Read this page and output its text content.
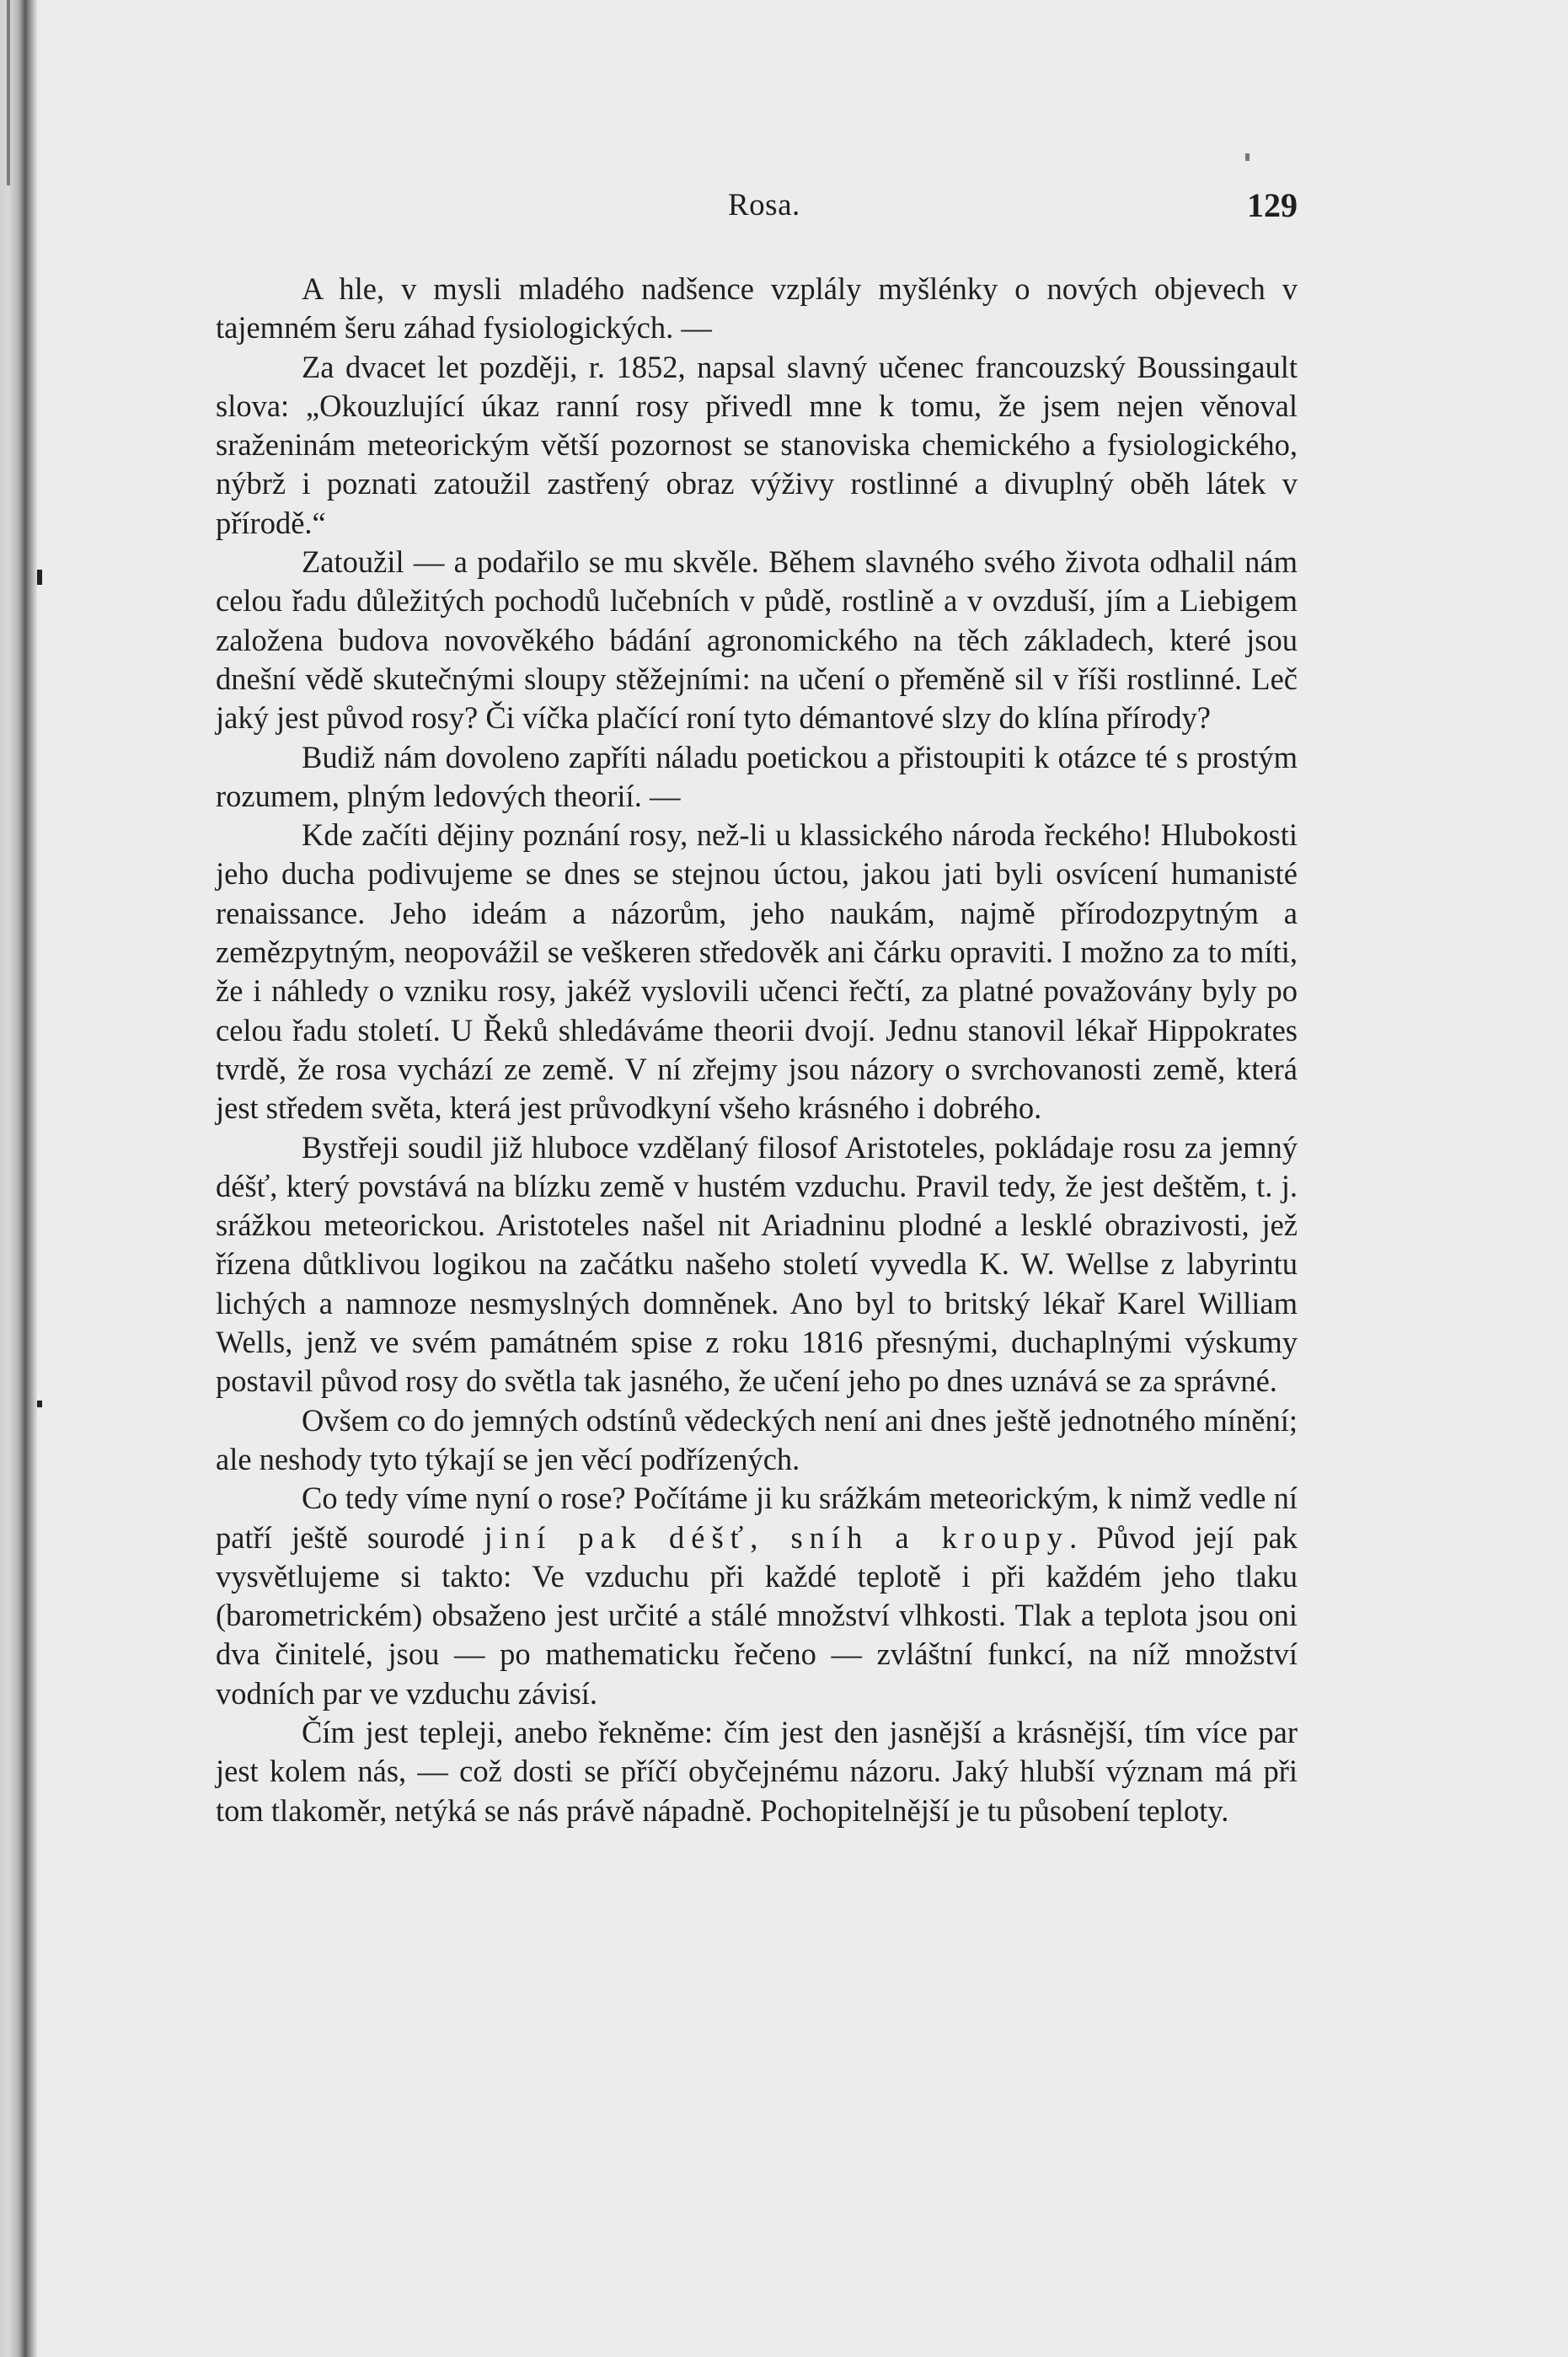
Rosa.	129

A hle, v mysli mladého nadšence vzplály myšlénky o nových objevech v tajemném šeru záhad fysiologických. —

Za dvacet let později, r. 1852, napsal slavný učenec francouzský Boussingault slova: „Okouzlující úkaz ranní rosy přivedl mne k tomu, že jsem nejen věnoval sraženinám meteorickým větší pozornost se stanoviska chemického a fysiologického, nýbrž i poznati zatoužil zastřený obraz výživy rostlinné a divuplný oběh látek v přírodě.“

Zatoužil — a podařilo se mu skvěle. Během slavného svého života odhalil nám celou řadu důležitých pochodů lučebních v půdě, rostlině a v ovzduší, jím a Liebigem založena budova novověkého bádání agronomického na těch základech, které jsou dnešní vědě skutečnými sloupy stěžejními: na učení o přeměně sil v říši rostlinné. Leč jaký jest původ rosy? Či víčka plačící roní tyto démantové slzy do klína přírody?

Budiž nám dovoleno zapříti náladu poetickou a přistoupiti k otázce té s prostým rozumem, plným ledových theorií. —

Kde začíti dějiny poznání rosy, než-li u klassického národa řeckého! Hlubokosti jeho ducha podivujeme se dnes se stejnou úctou, jakou jati byli osvícení humanisté renaissance. Jeho ideám a názorům, jeho naukám, najmě přírodozpytným a zemězpytným, neopovážil se veškeren středověk ani čárku opraviti. I možno za to míti, že i náhledy o vzniku rosy, jakéž vyslovili učenci řečtí, za platné považovány byly po celou řadu století. U Řeků shledáváme theorii dvojí. Jednu stanovil lékař Hippokrates tvrdě, že rosa vychází ze země. V ní zřejmy jsou názory o svrchovanosti země, která jest středem světa, která jest průvodkyní všeho krásného i dobrého.

Bystřeji soudil již hluboce vzdělaný filosof Aristoteles, pokládaje rosu za jemný déšť, který povstává na blízku země v hustém vzduchu. Pravil tedy, že jest deštěm, t. j. srážkou meteorickou. Aristoteles našel nit Ariadninu plodné a lesklé obrazivosti, jež řízena důtklivou logikou na začátku našeho století vyvedla K. W. Wellse z labyrintu lichých a namnoze nesmyslných domněnek. Ano byl to britský lékař Karel William Wells, jenž ve svém památném spise z roku 1816 přesnými, duchaplnými výskumy postavil původ rosy do světla tak jasného, že učení jeho po dnes uznává se za správné.

Ovšem co do jemných odstínů vědeckých není ani dnes ještě jednotného mínění; ale neshody tyto týkají se jen věcí podřízených.

Co tedy víme nyní o rose? Počítáme ji ku srážkám meteorickým, k nimž vedle ní patří ještě sourodé jiní pak déšť, sníh a kroupy. Původ její pak vysvětlujeme si takto: Ve vzduchu při každé teplotě i při každém jeho tlaku (barometrickém) obsaženo jest určité a stálé množství vlhkosti. Tlak a teplota jsou oni dva činitelé, jsou — po mathematicku řečeno — zvláštní funkcí, na níž množství vodních par ve vzduchu závisí.

Čím jest tepleji, anebo řekněme: čím jest den jasnější a krásnější, tím více par jest kolem nás, — což dosti se příčí obyčejnému názoru. Jaký hlubší význam má při tom tlakoměr, netýká se nás právě nápadně. Pochopitelnější je tu působení teploty.
